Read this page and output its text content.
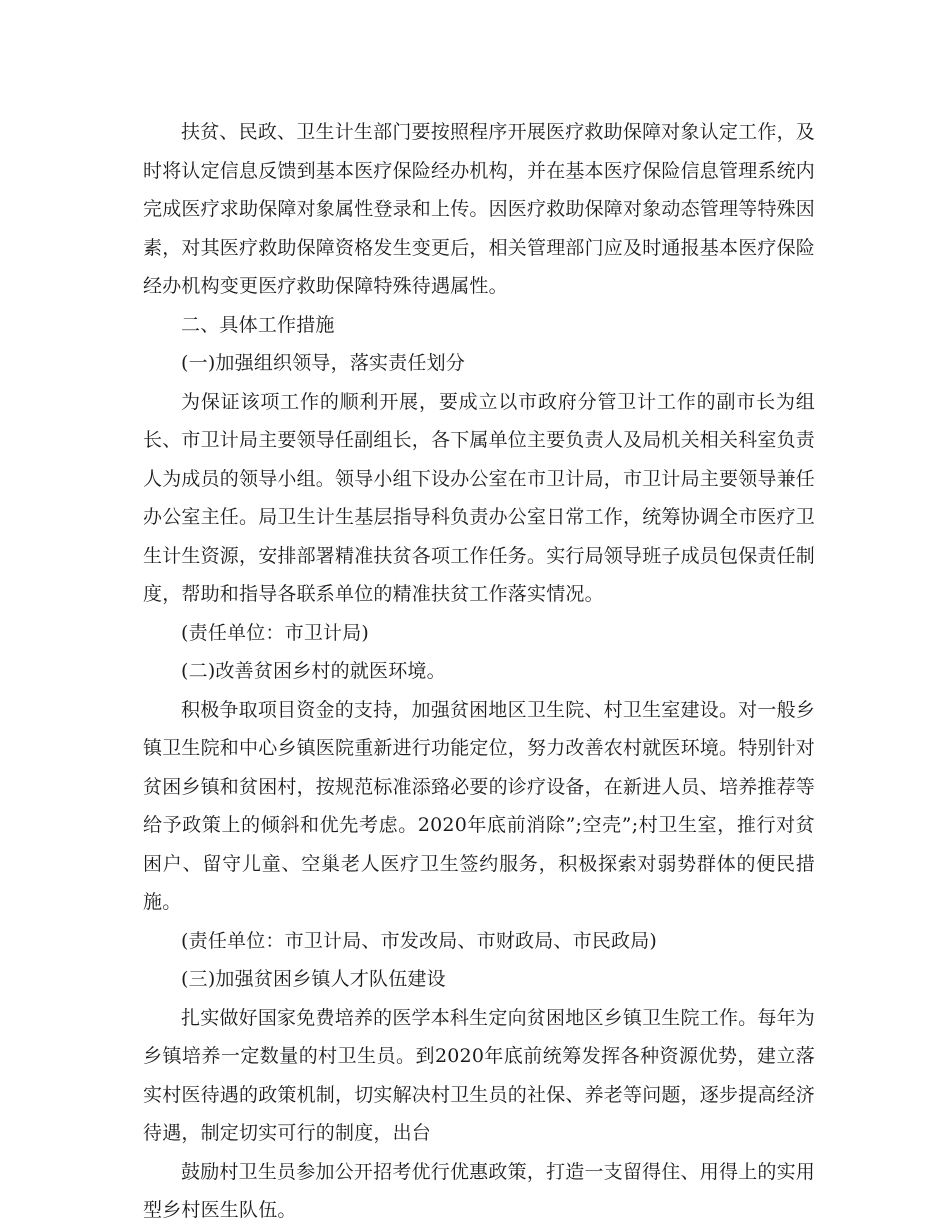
扶贫、民政、卫生计生部门要按照程序开展医疗救助保障对象认定工作，及时将认定信息反馈到基本医疗保险经办机构，并在基本医疗保险信息管理系统内完成医疗求助保障对象属性登录和上传。因医疗救助保障对象动态管理等特殊因素，对其医疗救助保障资格发生变更后，相关管理部门应及时通报基本医疗保险经办机构变更医疗救助保障特殊待遇属性。

二、具体工作措施

(一)加强组织领导，落实责任划分

为保证该项工作的顺利开展，要成立以市政府分管卫计工作的副市长为组长、市卫计局主要领导任副组长，各下属单位主要负责人及局机关相关科室负责人为成员的领导小组。领导小组下设办公室在市卫计局，市卫计局主要领导兼任办公室主任。局卫生计生基层指导科负责办公室日常工作，统筹协调全市医疗卫生计生资源，安排部署精准扶贫各项工作任务。实行局领导班子成员包保责任制度，帮助和指导各联系单位的精准扶贫工作落实情况。

(责任单位：市卫计局)

(二)改善贫困乡村的就医环境。

积极争取项目资金的支持，加强贫困地区卫生院、村卫生室建设。对一般乡镇卫生院和中心乡镇医院重新进行功能定位，努力改善农村就医环境。特别针对贫困乡镇和贫困村，按规范标准添臵必要的诊疗设备，在新进人员、培养推荐等给予政策上的倾斜和优先考虑。2020年底前消除”;空壳”;村卫生室，推行对贫困户、留守儿童、空巢老人医疗卫生签约服务，积极探索对弱势群体的便民措施。

(责任单位：市卫计局、市发改局、市财政局、市民政局)

(三)加强贫困乡镇人才队伍建设

扎实做好国家免费培养的医学本科生定向贫困地区乡镇卫生院工作。每年为乡镇培养一定数量的村卫生员。到2020年底前统筹发挥各种资源优势，建立落实村医待遇的政策机制，切实解决村卫生员的社保、养老等问题，逐步提高经济待遇，制定切实可行的制度，出台

鼓励村卫生员参加公开招考优行优惠政策，打造一支留得住、用得上的实用型乡村医生队伍。
